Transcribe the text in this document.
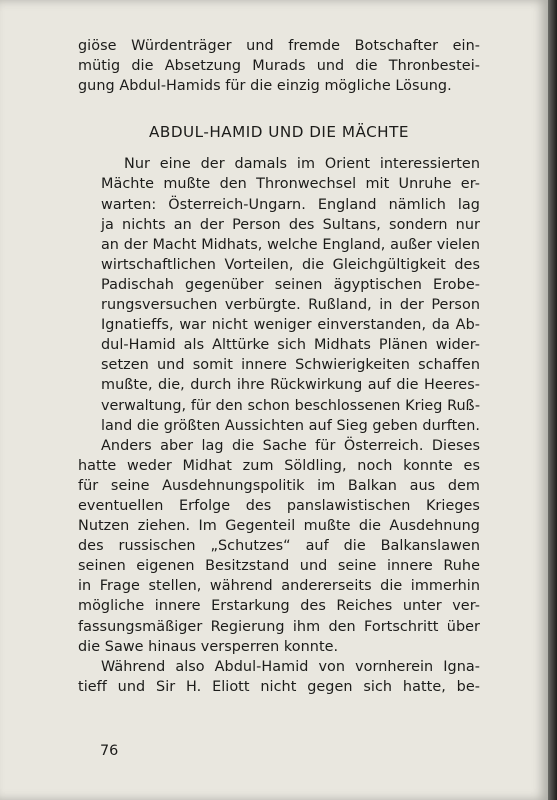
giöse Würdenträger und fremde Botschafter ein-
mütig die Absetzung Murads und die Thronbestei-
gung Abdul-Hamids für die einzig mögliche Lösung.

ABDUL-HAMID UND DIE MÄCHTE

Nur eine der damals im Orient interessierten
Mächte mußte den Thronwechsel mit Unruhe er-
warten: Österreich-Ungarn. England nämlich lag
ja nichts an der Person des Sultans, sondern nur
an der Macht Midhats, welche England, außer vielen
wirtschaftlichen Vorteilen, die Gleichgültigkeit des
Padischah gegenüber seinen ägyptischen Erobe-
rungsversuchen verbürgte. Rußland, in der Person
Ignatieffs, war nicht weniger einverstanden, da Ab-
dul-Hamid als Alttürke sich Midhats Plänen wider-
setzen und somit innere Schwierigkeiten schaffen
mußte, die, durch ihre Rückwirkung auf die Heeres-
verwaltung, für den schon beschlossenen Krieg Ruß-
land die größten Aussichten auf Sieg geben durften.

Anders aber lag die Sache für Österreich. Dieses
hatte weder Midhat zum Söldling, noch konnte es
für seine Ausdehnungspolitik im Balkan aus dem
eventuellen Erfolge des panslawistischen Krieges
Nutzen ziehen. Im Gegenteil mußte die Ausdehnung
des russischen „Schutzes“ auf die Balkanslawen
seinen eigenen Besitzstand und seine innere Ruhe
in Frage stellen, während andererseits die immerhin
mögliche innere Erstarkung des Reiches unter ver-
fassungsmäßiger Regierung ihm den Fortschritt über
die Sawe hinaus versperren konnte.

Während also Abdul-Hamid von vornherein Igna-
tieff und Sir H. Eliott nicht gegen sich hatte, be-

76
